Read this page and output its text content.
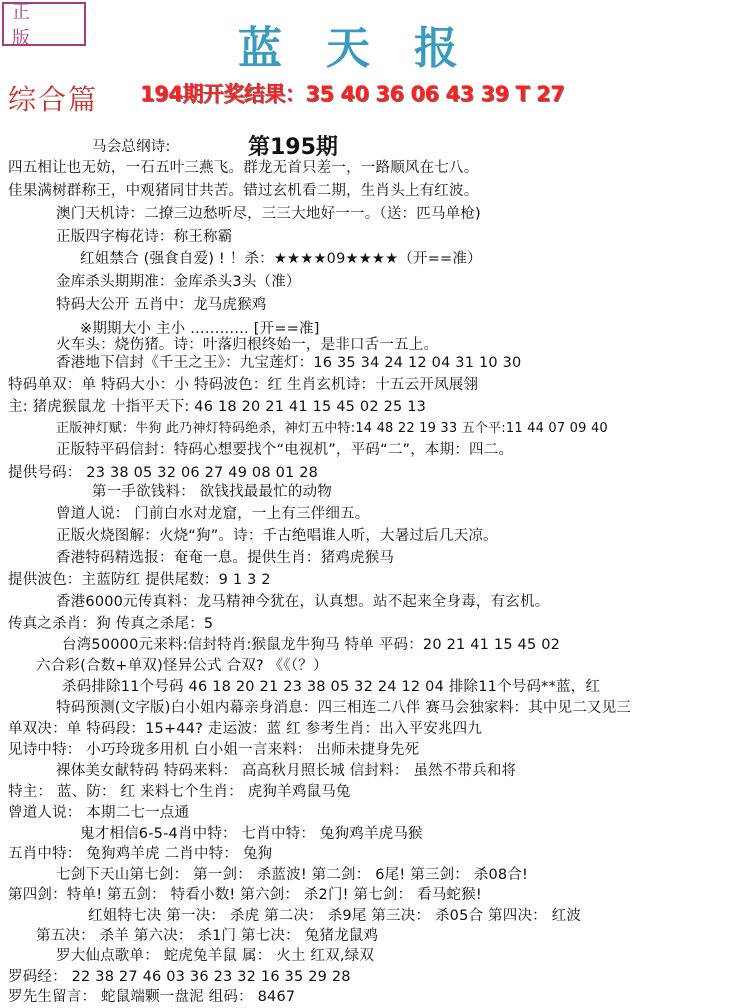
正 版	蓝天报
综合篇 194期开奖结果：35 40 36 06 43 39 T 27
第195期
马会总纲诗:
四五相让也无妨，一石五叶三燕飞。群龙无首只差一，一路顺风在七八。
佳果满树群称王，中观猪同甘共苦。错过玄机看二期，生肖头上有红波。
澳门天机诗：二撩三边愁听尽，三三大地好一一。（送：匹马单枪)
正版四字梅花诗：称王称霸
红姐禁合 (强食自爱) ! ！杀：★★★★09★★★★（开==准）
金库杀头期期准：金库杀头3头（准）
特码大公开 五肖中：龙马虎猴鸡
※期期大小 主小 ………… [开==准]
火车头：烧伤猪。诗：叶落归根终始一，是非口舌一五上。
香港地下信封《千王之王》：九宝莲灯：16 35 34 24 12 04 31 10 30
特码单双：单 特码大小：小 特码波色：红 生肖玄机诗：十五云开凤展翎
主: 猪虎猴鼠龙 十指平天下: 46 18 20 21 41 15 45 02 25 13
正版神灯赋：牛狗 此乃神灯特码绝杀，神灯五中特:14 48 22 19 33 五个平:11 44 07 09 40
正版特平码信封：特码心想要找个“电视机”，平码“二”，本期：四二。
提供号码： 23 38 05 32 06 27 49 08 01 28
第一手欲钱料： 欲钱找最最忙的动物
曾道人说： 门前白水对龙窟，一上有三伴细五。
正版火烧图解：火烧“狗”。诗：千古绝唱谁人听，大暑过后几天凉。
香港特码精选报：奄奄一息。提供生肖：猪鸡虎猴马
提供波色：主蓝防红 提供尾数：9 1 3 2
香港6000元传真料：龙马精神今犹在，认真想。站不起来全身毒，有玄机。
传真之杀肖：狗 传真之杀尾：5
台湾50000元来料:信封特肖:猴鼠龙牛狗马 特单 平码：20 21 41 15 45 02
六合彩(合数+单双)怪异公式 合双? 《《（？）
杀码排除11个号码 46 18 20 21 23 38 05 32 24 12 04 排除11个号码**蓝，红
特码预测(文字版)白小姐内幕亲身消息：四三相连二八伴 赛马会独家料：其中见二又见三
单双决：单 特码段：15+44? 走运波：蓝 红 参考生肖：出入平安兆四九
见诗中特： 小巧玲珑多用机 白小姐一言来料： 出师未捷身先死
裸体美女献特码 特码来料： 高高秋月照长城 信封料： 虽然不带兵和将
特主： 蓝、防： 红 来料七个生肖： 虎狗羊鸡鼠马兔
曾道人说： 本期二七一点通
鬼才相信6-5-4肖中特： 七肖中特： 兔狗鸡羊虎马猴
五肖中特： 兔狗鸡羊虎 二肖中特： 兔狗
七剑下天山第七剑： 第一剑： 杀蓝波! 第二剑： 6尾! 第三剑： 杀08合!
第四剑：特单! 第五剑： 特看小数! 第六剑： 杀2门! 第七剑： 看马蛇猴!
红姐特七决 第一决： 杀虎 第二决： 杀9尾 第三决： 杀05合 第四决： 红波
第五决： 杀羊 第六决： 杀1门 第七决： 兔猪龙鼠鸡
罗大仙点歌单： 蛇虎兔羊鼠 属： 火土 红双,绿双
罗码经： 22 38 27 46 03 36 23 32 16 35 29 28
罗先生留言： 蛇鼠端颗一盘泥 组码： 8467
